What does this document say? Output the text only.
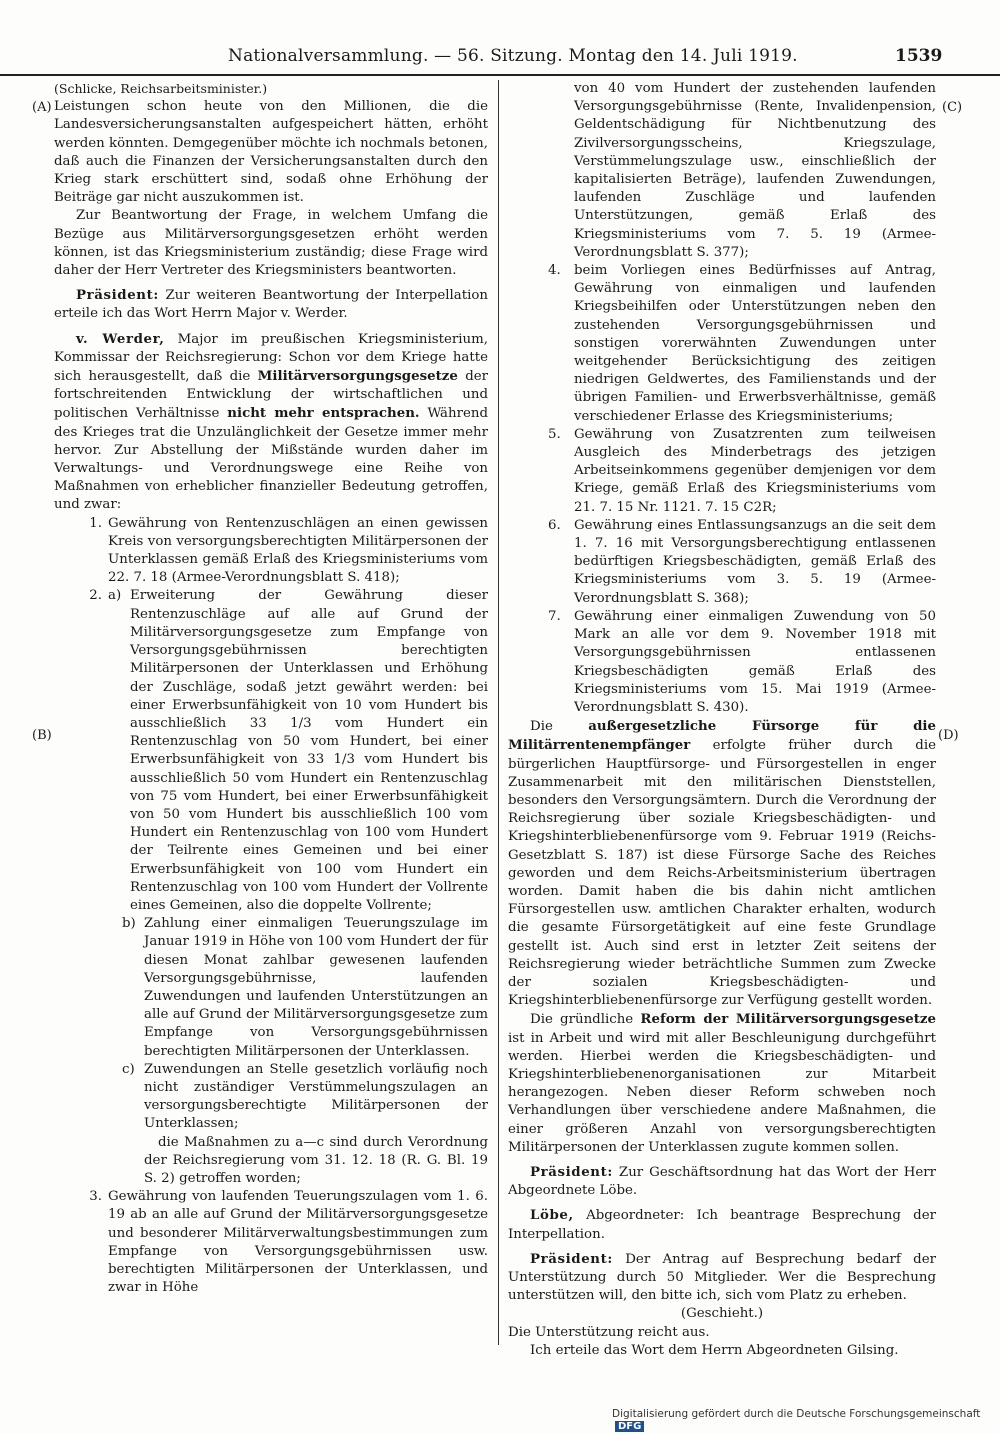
Nationalversammlung. — 56. Sitzung. Montag den 14. Juli 1919.	1539
(A)
(B)
(C)
(D)

(Schlicke, Reichsarbeitsminister.)

Leistungen schon heute von den Millionen, die die Landesversicherungsanstalten aufgespeichert hätten, erhöht werden könnten. Demgegenüber möchte ich nochmals betonen, daß auch die Finanzen der Versicherungsanstalten durch den Krieg stark erschüttert sind, sodaß ohne Erhöhung der Beiträge gar nicht auszukommen ist.

Zur Beantwortung der Frage, in welchem Umfang die Bezüge aus Militärversorgungsgesetzen erhöht werden können, ist das Kriegsministerium zuständig; diese Frage wird daher der Herr Vertreter des Kriegsministers beantworten.

Präsident: Zur weiteren Beantwortung der Interpellation erteile ich das Wort Herrn Major v. Werder.

v. Werder, Major im preußischen Kriegsministerium, Kommissar der Reichsregierung: Schon vor dem Kriege hatte sich herausgestellt, daß die Militärversorgungsgesetze der fortschreitenden Entwicklung der wirtschaftlichen und politischen Verhältnisse nicht mehr entsprachen. Während des Krieges trat die Unzulänglichkeit der Gesetze immer mehr hervor. Zur Abstellung der Mißstände wurden daher im Verwaltungs- und Verordnungswege eine Reihe von Maßnahmen von erheblicher finanzieller Bedeutung getroffen, und zwar:

1. Gewährung von Rentenzuschlägen an einen gewissen Kreis von versorgungsberechtigten Militärpersonen der Unterklassen gemäß Erlaß des Kriegsministeriums vom 22. 7. 18 (Armee-Verordnungsblatt S. 418);
2. a) Erweiterung der Gewährung dieser Rentenzuschläge auf alle auf Grund der Militärversorgungsgesetze zum Empfange von Versorgungsgebührnissen berechtigten Militärpersonen der Unterklassen und Erhöhung der Zuschläge, sodaß jetzt gewährt werden: bei einer Erwerbsunfähigkeit von 10 vom Hundert bis ausschließlich 33 1/3 vom Hundert ein Rentenzuschlag von 50 vom Hundert, bei einer Erwerbsunfähigkeit von 33 1/3 vom Hundert bis ausschließlich 50 vom Hundert ein Rentenzuschlag von 75 vom Hundert, bei einer Erwerbsunfähigkeit von 50 vom Hundert bis ausschließlich 100 vom Hundert ein Rentenzuschlag von 100 vom Hundert der Teilrente eines Gemeinen und bei einer Erwerbsunfähigkeit von 100 vom Hundert ein Rentenzuschlag von 100 vom Hundert der Vollrente eines Gemeinen, also die doppelte Vollrente;
b) Zahlung einer einmaligen Teuerungszulage im Januar 1919 in Höhe von 100 vom Hundert der für diesen Monat zahlbar gewesenen laufenden Versorgungsgebührnisse, laufenden Zuwendungen und laufenden Unterstützungen an alle auf Grund der Militärversorgungsgesetze zum Empfange von Versorgungsgebührnissen berechtigten Militärpersonen der Unterklassen.
c) Zuwendungen an Stelle gesetzlich vorläufig noch nicht zuständiger Verstümmelungszulagen an versorgungsberechtigte Militärpersonen der Unterklassen;
die Maßnahmen zu a—c sind durch Verordnung der Reichsregierung vom 31. 12. 18 (R. G. Bl. 19 S. 2) getroffen worden;
3. Gewährung von laufenden Teuerungszulagen vom 1. 6. 19 ab an alle auf Grund der Militärversorgungsgesetze und besonderer Militärverwaltungsbestimmungen zum Empfange von Versorgungsgebührnissen usw. berechtigten Militärpersonen der Unterklassen, und zwar in Höhe
von 40 vom Hundert der zustehenden laufenden Versorgungsgebührnisse (Rente, Invalidenpension, Geldentschädigung für Nichtbenutzung des Zivilversorgungsscheins, Kriegszulage, Verstümmelungszulage usw., einschließlich der kapitalisierten Beträge), laufenden Zuwendungen, laufenden Zuschläge und laufenden Unterstützungen, gemäß Erlaß des Kriegsministeriums vom 7. 5. 19 (Armee-Verordnungsblatt S. 377);
4. beim Vorliegen eines Bedürfnisses auf Antrag, Gewährung von einmaligen und laufenden Kriegsbeihilfen oder Unterstützungen neben den zustehenden Versorgungsgebührnissen und sonstigen vorerwähnten Zuwendungen unter weitgehender Berücksichtigung des zeitigen niedrigen Geldwertes, des Familienstands und der übrigen Familien- und Erwerbsverhältnisse, gemäß verschiedener Erlasse des Kriegsministeriums;
5. Gewährung von Zusatzrenten zum teilweisen Ausgleich des Minderbetrags des jetzigen Arbeitseinkommens gegenüber demjenigen vor dem Kriege, gemäß Erlaß des Kriegsministeriums vom 21. 7. 15 Nr. 1121. 7. 15 C2R;
6. Gewährung eines Entlassungsanzugs an die seit dem 1. 7. 16 mit Versorgungsberechtigung entlassenen bedürftigen Kriegsbeschädigten, gemäß Erlaß des Kriegsministeriums vom 3. 5. 19 (Armee-Verordnungsblatt S. 368);
7. Gewährung einer einmaligen Zuwendung von 50 Mark an alle vor dem 9. November 1918 mit Versorgungsgebührnissen entlassenen Kriegsbeschädigten gemäß Erlaß des Kriegsministeriums vom 15. Mai 1919 (Armee-Verordnungsblatt S. 430).

Die	außergesetzliche Fürsorge für die Militärrentenempfänger erfolgte früher durch die bürgerlichen Hauptfürsorge- und Fürsorgestellen in enger Zusammenarbeit mit den militärischen Dienststellen, besonders den Versorgungsämtern. Durch die Verordnung der Reichsregierung über soziale Kriegsbeschädigten- und Kriegshinterbliebenenfürsorge vom 9. Februar 1919 (Reichs-Gesetzblatt S. 187) ist diese Fürsorge Sache des Reiches geworden und dem Reichs-Arbeitsministerium übertragen worden. Damit haben die bis dahin nicht amtlichen Fürsorgestellen usw. amtlichen Charakter erhalten, wodurch die gesamte Fürsorgetätigkeit auf eine feste Grundlage gestellt ist. Auch sind erst in letzter Zeit seitens der Reichsregierung wieder beträchtliche Summen zum Zwecke der sozialen Kriegsbeschädigten- und Kriegshinterbliebenenfürsorge zur Verfügung gestellt worden.

Die gründliche Reform der Militärversorgungsgesetze ist in Arbeit und wird mit aller Beschleunigung durchgeführt werden. Hierbei werden die Kriegsbeschädigten- und Kriegshinterbliebenenorganisationen zur Mitarbeit herangezogen. Neben dieser Reform schweben noch Verhandlungen über verschiedene andere Maßnahmen, die einer größeren Anzahl von versorgungsberechtigten Militärpersonen der Unterklassen zugute kommen sollen.

Präsident: Zur Geschäftsordnung hat das Wort der Herr Abgeordnete Löbe.

Löbe, Abgeordneter: Ich beantrage Besprechung der Interpellation.

Präsident: Der Antrag auf Besprechung bedarf der Unterstützung durch 50 Mitglieder. Wer die Besprechung unterstützen will, den bitte ich, sich vom Platz zu erheben.

(Geschieht.)

Die Unterstützung reicht aus.

Ich erteile das Wort dem Herrn Abgeordneten Gilsing.

Digitalisierung gefördert durch die Deutsche ForschungsgemeinschaftDFG
